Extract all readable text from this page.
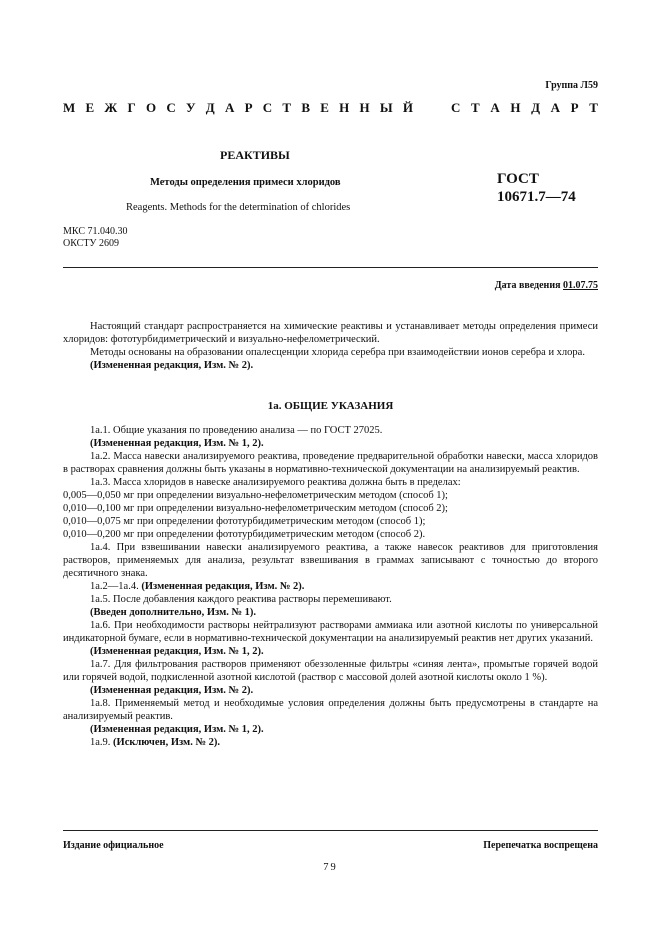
Группа Л59
М Е Ж Г О С У Д А Р С Т В Е Н Н Ы Й	С Т А Н Д А Р Т
РЕАКТИВЫ
Методы определения примеси хлоридов
Reagents. Methods for the determination of chlorides
ГОСТ
10671.7—74
МКС 71.040.30
ОКСТУ 2609
Дата введения 01.07.75

Настоящий стандарт распространяется на химические реактивы и устанавливает методы определения примеси хлоридов: фототурбидиметрический и визуально-нефелометрический.

Методы основаны на образовании опалесценции хлорида серебра при взаимодействии ионов серебра и хлора.

(Измененная редакция, Изм. № 2).

1а. ОБЩИЕ УКАЗАНИЯ

1а.1. Общие указания по проведению анализа — по ГОСТ 27025.

(Измененная редакция, Изм. № 1, 2).

1а.2. Масса навески анализируемого реактива, проведение предварительной обработки навески, масса хлоридов в растворах сравнения должны быть указаны в нормативно-технической документации на анализируемый реактив.

1а.3. Масса хлоридов в навеске анализируемого реактива должна быть в пределах:

0,005—0,050 мг при определении визуально-нефелометрическим методом (способ 1);

0,010—0,100 мг при определении визуально-нефелометрическим методом (способ 2);

0,010—0,075 мг при определении фототурбидиметрическим методом (способ 1);

0,010—0,200 мг при определении фототурбидиметрическим методом (способ 2).

1а.4. При взвешивании навески анализируемого реактива, а также навесок реактивов для приготовления растворов, применяемых для анализа, результат взвешивания в граммах записывают с точностью до второго десятичного знака.

1а.2—1а.4. (Измененная редакция, Изм. № 2).

1а.5. После добавления каждого реактива растворы перемешивают.

(Введен дополнительно, Изм. № 1).

1а.6. При необходимости растворы нейтрализуют растворами аммиака или азотной кислоты по универсальной индикаторной бумаге, если в нормативно-технической документации на анализируемый реактив нет других указаний.

(Измененная редакция, Изм. № 1, 2).

1а.7. Для фильтрования растворов применяют обеззоленные фильтры «синяя лента», промытые горячей водой или горячей водой, подкисленной азотной кислотой (раствор с массовой долей азотной кислоты около 1 %).

(Измененная редакция, Изм. № 2).

1а.8. Применяемый метод и необходимые условия определения должны быть предусмотрены в стандарте на анализируемый реактив.

(Измененная редакция, Изм. № 1, 2).

1а.9. (Исключен, Изм. № 2).

Издание официальное	Перепечатка воспрещена
79
